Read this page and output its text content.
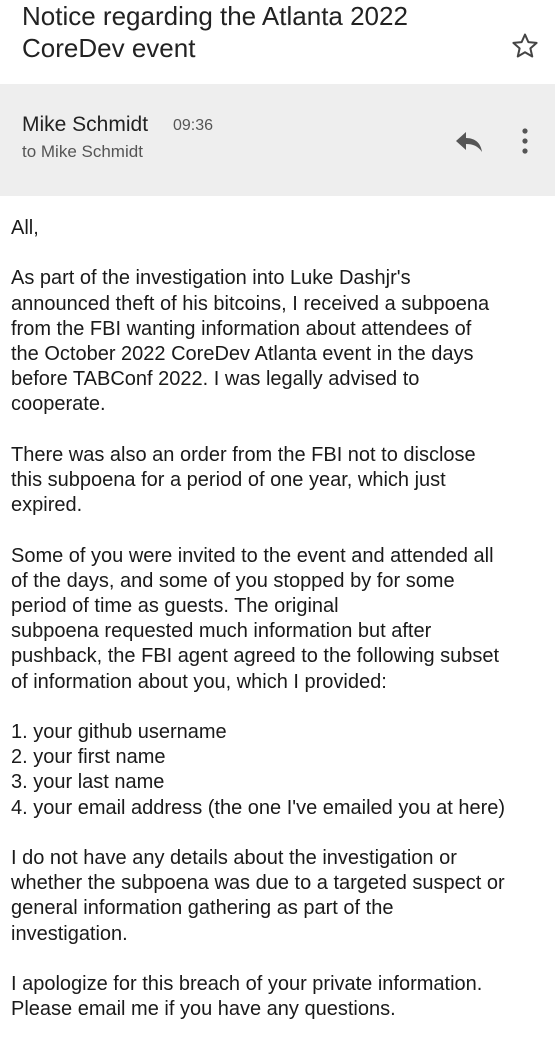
Notice regarding the Atlanta 2022 CoreDev event
Mike Schmidt 09:36
to Mike Schmidt

All,

As part of the investigation into Luke Dashjr's
announced theft of his bitcoins, I received a subpoena
from the FBI wanting information about attendees of
the October 2022 CoreDev Atlanta event in the days
before TABConf 2022. I was legally advised to
cooperate.

There was also an order from the FBI not to disclose
this subpoena for a period of one year, which just
expired.

Some of you were invited to the event and attended all
of the days, and some of you stopped by for some
period of time as guests. The original
subpoena requested much information but after
pushback, the FBI agent agreed to the following subset
of information about you, which I provided:

1. your github username
2. your first name
3. your last name
4. your email address (the one I've emailed you at here)

I do not have any details about the investigation or
whether the subpoena was due to a targeted suspect or
general information gathering as part of the
investigation.

I apologize for this breach of your private information.
Please email me if you have any questions.
